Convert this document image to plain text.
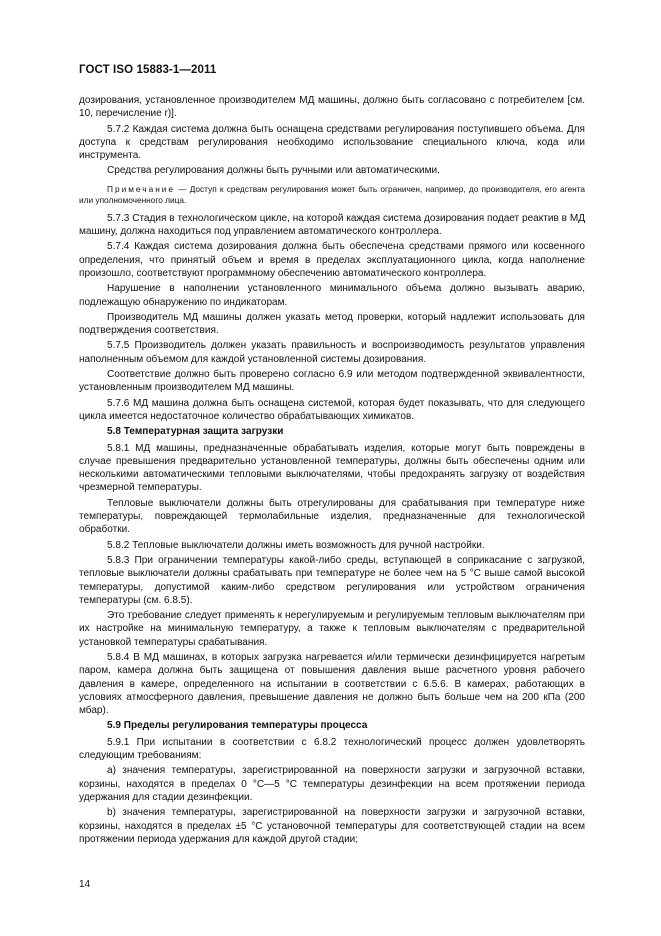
ГОСТ ISO 15883-1—2011

дозирования, установленное производителем МД машины, должно быть согласовано с потребителем [см. 10, перечисление r)].

5.7.2 Каждая система должна быть оснащена средствами регулирования поступившего объема. Для доступа к средствам регулирования необходимо использование специального ключа, кода или инструмента.

Средства регулирования должны быть ручными или автоматическими.

Примечание — Доступ к средствам регулирования может быть ограничен, например, до производителя, его агента или уполномоченного лица.

5.7.3 Стадия в технологическом цикле, на которой каждая система дозирования подает реактив в МД машину, должна находиться под управлением автоматического контроллера.

5.7.4 Каждая система дозирования должна быть обеспечена средствами прямого или косвенного определения, что принятый объем и время в пределах эксплуатационного цикла, когда наполнение произошло, соответствуют программному обеспечению автоматического контроллера.

Нарушение в наполнении установленного минимального объема должно вызывать аварию, подлежащую обнаружению по индикаторам.

Производитель МД машины должен указать метод проверки, который надлежит использовать для подтверждения соответствия.

5.7.5 Производитель должен указать правильность и воспроизводимость результатов управления наполненным объемом для каждой установленной системы дозирования.

Соответствие должно быть проверено согласно 6.9 или методом подтвержденной эквивалентности, установленным производителем МД машины.

5.7.6 МД машина должна быть оснащена системой, которая будет показывать, что для следующего цикла имеется недостаточное количество обрабатывающих химикатов.

5.8 Температурная защита загрузки

5.8.1 МД машины, предназначенные обрабатывать изделия, которые могут быть повреждены в случае превышения предварительно установленной температуры, должны быть обеспечены одним или несколькими автоматическими тепловыми выключателями, чтобы предохранять загрузку от воздействия чрезмерной температуры.

Тепловые выключатели должны быть отрегулированы для срабатывания при температуре ниже температуры, повреждающей термолабильные изделия, предназначенные для технологической обработки.

5.8.2 Тепловые выключатели должны иметь возможность для ручной настройки.

5.8.3 При ограничении температуры какой-либо среды, вступающей в соприкасание с загрузкой, тепловые выключатели должны срабатывать при температуре не более чем на 5 °C выше самой высокой температуры, допустимой каким-либо средством регулирования или устройством ограничения температуры (см. 6.8.5).

Это требование следует применять к нерегулируемым и регулируемым тепловым выключателям при их настройке на минимальную температуру, а также к тепловым выключателям с предварительной установкой температуры срабатывания.

5.8.4 В МД машинах, в которых загрузка нагревается и/или термически дезинфицируется нагретым паром, камера должна быть защищена от повышения давления выше расчетного уровня рабочего давления в камере, определенного на испытании в соответствии с 6.5.6. В камерах, работающих в условиях атмосферного давления, превышение давления не должно быть больше чем на 200 кПа (200 мбар).

5.9 Пределы регулирования температуры процесса

5.9.1 При испытании в соответствии с 6.8.2 технологический процесс должен удовлетворять следующим требованиям:

a) значения температуры, зарегистрированной на поверхности загрузки и загрузочной вставки, корзины, находятся в пределах 0 °C—5 °C температуры дезинфекции на всем протяжении периода удержания для стадии дезинфекции.

b) значения температуры, зарегистрированной на поверхности загрузки и загрузочной вставки, корзины, находятся в пределах ±5 °C установочной температуры для соответствующей стадии на всем протяжении периода удержания для каждой другой стадии;

14
